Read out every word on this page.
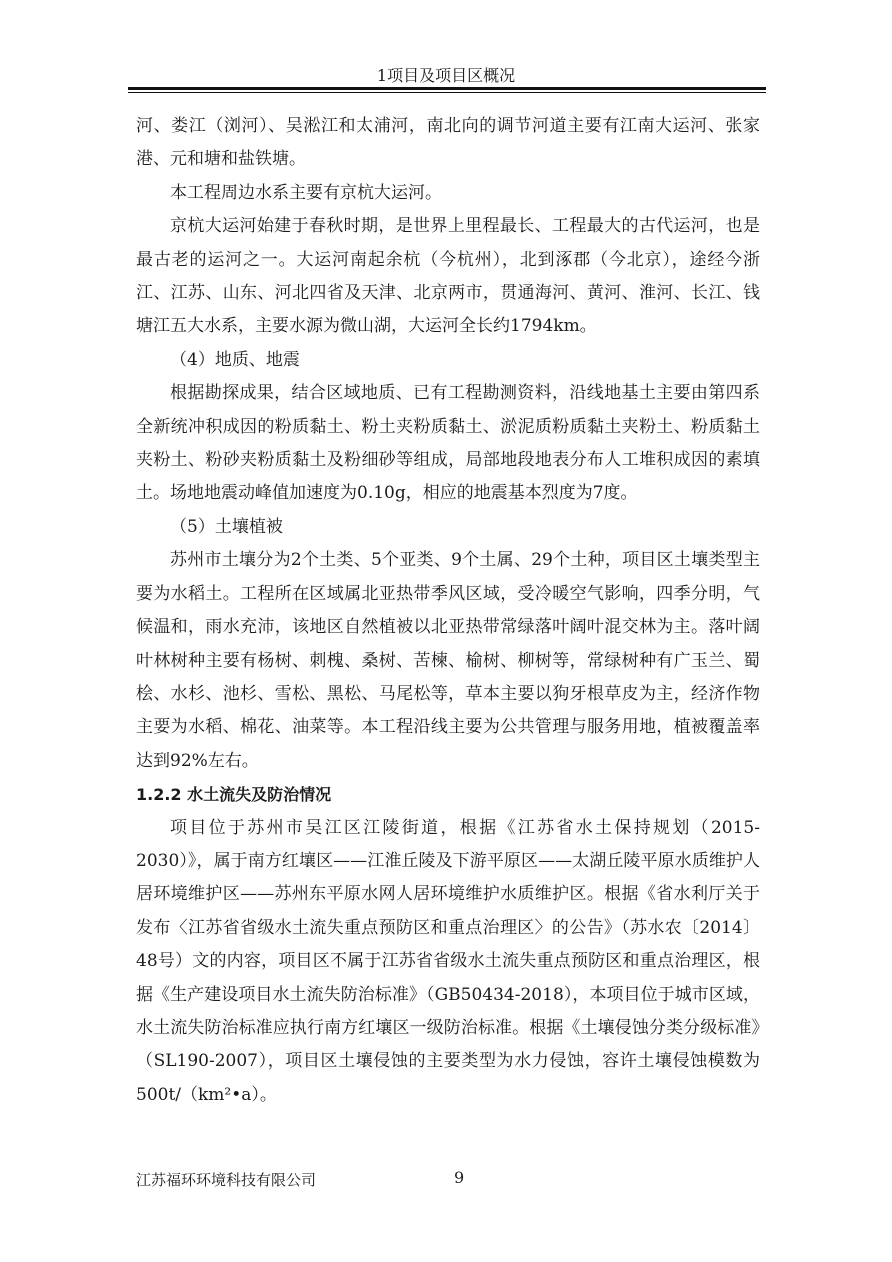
1项目及项目区概况

河、娄江（浏河）、吴淞江和太浦河，南北向的调节河道主要有江南大运河、张家港、元和塘和盐铁塘。

本工程周边水系主要有京杭大运河。

京杭大运河始建于春秋时期，是世界上里程最长、工程最大的古代运河，也是最古老的运河之一。大运河南起余杭（今杭州），北到涿郡（今北京），途经今浙江、江苏、山东、河北四省及天津、北京两市，贯通海河、黄河、淮河、长江、钱塘江五大水系，主要水源为微山湖，大运河全长约1794km。

（4）地质、地震

根据勘探成果，结合区域地质、已有工程勘测资料，沿线地基土主要由第四系全新统冲积成因的粉质黏土、粉土夹粉质黏土、淤泥质粉质黏土夹粉土、粉质黏土夹粉土、粉砂夹粉质黏土及粉细砂等组成，局部地段地表分布人工堆积成因的素填土。场地地震动峰值加速度为0.10g，相应的地震基本烈度为7度。

（5）土壤植被

苏州市土壤分为2个土类、5个亚类、9个土属、29个土种，项目区土壤类型主要为水稻土。工程所在区域属北亚热带季风区域，受冷暖空气影响，四季分明，气候温和，雨水充沛，该地区自然植被以北亚热带常绿落叶阔叶混交林为主。落叶阔叶林树种主要有杨树、刺槐、桑树、苦楝、榆树、柳树等，常绿树种有广玉兰、蜀桧、水杉、池杉、雪松、黑松、马尾松等，草本主要以狗牙根草皮为主，经济作物主要为水稻、棉花、油菜等。本工程沿线主要为公共管理与服务用地，植被覆盖率达到92%左右。

1.2.2 水土流失及防治情况

项目位于苏州市吴江区江陵街道，根据《江苏省水土保持规划（2015-2030）》，属于南方红壤区——江淮丘陵及下游平原区——太湖丘陵平原水质维护人居环境维护区——苏州东平原水网人居环境维护水质维护区。根据《省水利厅关于发布〈江苏省省级水土流失重点预防区和重点治理区〉的公告》（苏水农〔2014〕48号）文的内容，项目区不属于江苏省省级水土流失重点预防区和重点治理区，根据《生产建设项目水土流失防治标准》（GB50434-2018），本项目位于城市区域，水土流失防治标准应执行南方红壤区一级防治标准。根据《土壤侵蚀分类分级标准》（SL190-2007），项目区土壤侵蚀的主要类型为水力侵蚀，容许土壤侵蚀模数为500t/（km²•a）。

江苏福环环境科技有限公司	9
